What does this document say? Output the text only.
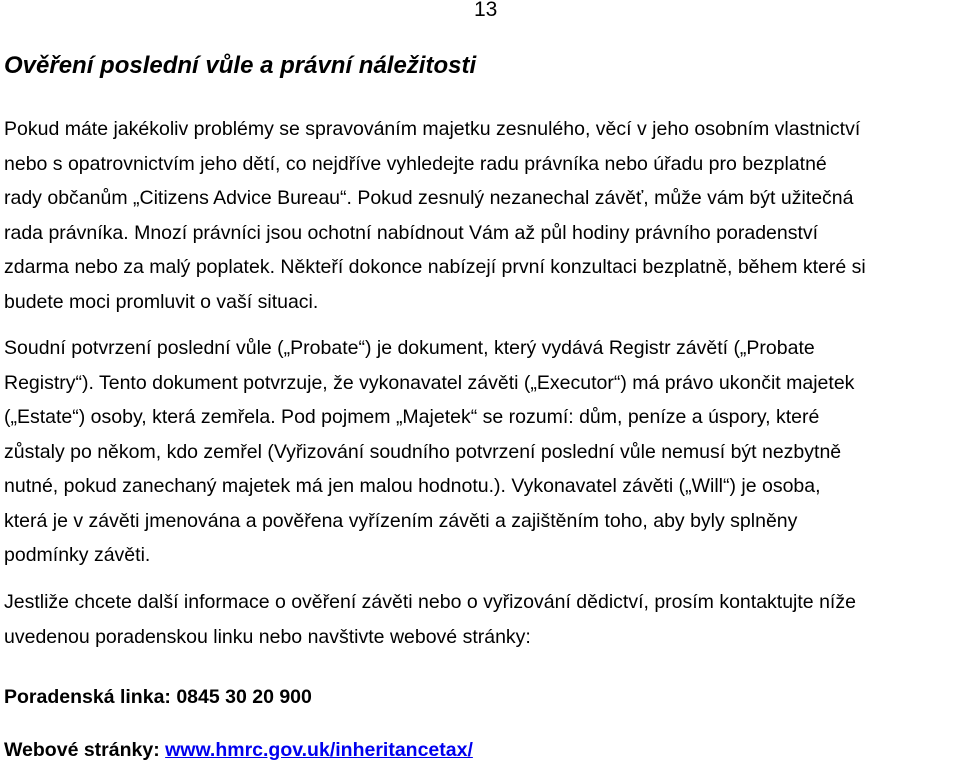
13
Ověření poslední vůle a právní náležitosti

Pokud máte jakékoliv problémy se spravováním majetku zesnulého, věcí v jeho osobním vlastnictví
nebo s opatrovnictvím jeho dětí, co nejdříve vyhledejte radu právníka nebo úřadu pro bezplatné
rady občanům „Citizens Advice Bureau“. Pokud zesnulý nezanechal závěť, může vám být užitečná
rada právníka. Mnozí právníci jsou ochotní nabídnout Vám až půl hodiny právního poradenství
zdarma nebo za malý poplatek. Někteří dokonce nabízejí první konzultaci bezplatně, během které si
budete moci promluvit o vaší situaci.

Soudní potvrzení poslední vůle („Probate“) je dokument, který vydává Registr závětí („Probate
Registry“). Tento dokument potvrzuje, že vykonavatel závěti („Executor“) má právo ukončit majetek
(„Estate“) osoby, která zemřela. Pod pojmem „Majetek“ se rozumí: dům, peníze a úspory, které
zůstaly po někom, kdo zemřel (Vyřizování soudního potvrzení poslední vůle nemusí být nezbytně
nutné, pokud zanechaný majetek má jen malou hodnotu.). Vykonavatel závěti („Will“) je osoba,
která je v závěti jmenována a pověřena vyřízením závěti a zajištěním toho, aby byly splněny
podmínky závěti.

Jestliže chcete další informace o ověření závěti nebo o vyřizování dědictví, prosím kontaktujte níže
uvedenou poradenskou linku nebo navštivte webové stránky:

Poradenská linka: 0845 30 20 900

Webové stránky: www.hmrc.gov.uk/inheritancetax/
